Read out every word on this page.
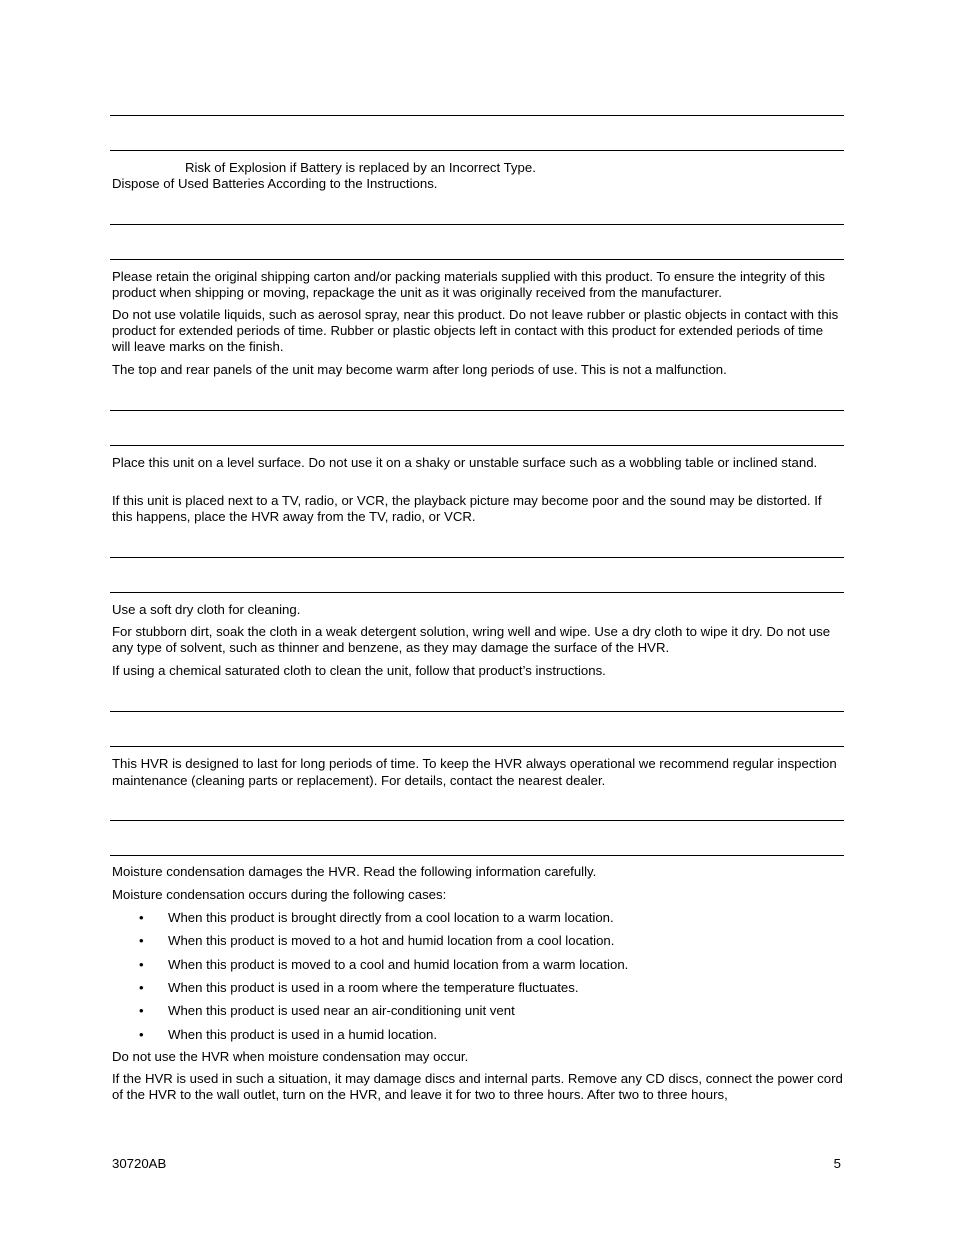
Risk of Explosion if Battery is replaced by an Incorrect Type.

Dispose of Used Batteries According to the Instructions.

Please retain the original shipping carton and/or packing materials supplied with this product. To ensure the integrity of this product when shipping or moving, repackage the unit as it was originally received from the manufacturer.

Do not use volatile liquids, such as aerosol spray, near this product. Do not leave rubber or plastic objects in contact with this product for extended periods of time. Rubber or plastic objects left in contact with this product for extended periods of time will leave marks on the finish.

The top and rear panels of the unit may become warm after long periods of use. This is not a malfunction.

Place this unit on a level surface. Do not use it on a shaky or unstable surface such as a wobbling table or inclined stand.

If this unit is placed next to a TV, radio, or VCR, the playback picture may become poor and the sound may be distorted. If this happens, place the HVR away from the TV, radio, or VCR.

Use a soft dry cloth for cleaning.

For stubborn dirt, soak the cloth in a weak detergent solution, wring well and wipe. Use a dry cloth to wipe it dry. Do not use any type of solvent, such as thinner and benzene, as they may damage the surface of the HVR.

If using a chemical saturated cloth to clean the unit, follow that product’s instructions.

This HVR is designed to last for long periods of time. To keep the HVR always operational we recommend regular inspection maintenance (cleaning parts or replacement). For details, contact the nearest dealer.

Moisture condensation damages the HVR. Read the following information carefully.

Moisture condensation occurs during the following cases:

• When this product is brought directly from a cool location to a warm location.
• When this product is moved to a hot and humid location from a cool location.
• When this product is moved to a cool and humid location from a warm location.
• When this product is used in a room where the temperature fluctuates.
• When this product is used near an air-conditioning unit vent
• When this product is used in a humid location.

Do not use the HVR when moisture condensation may occur.

If the HVR is used in such a situation, it may damage discs and internal parts. Remove any CD discs, connect the power cord of the HVR to the wall outlet, turn on the HVR, and leave it for two to three hours. After two to three hours,

30720AB	5
